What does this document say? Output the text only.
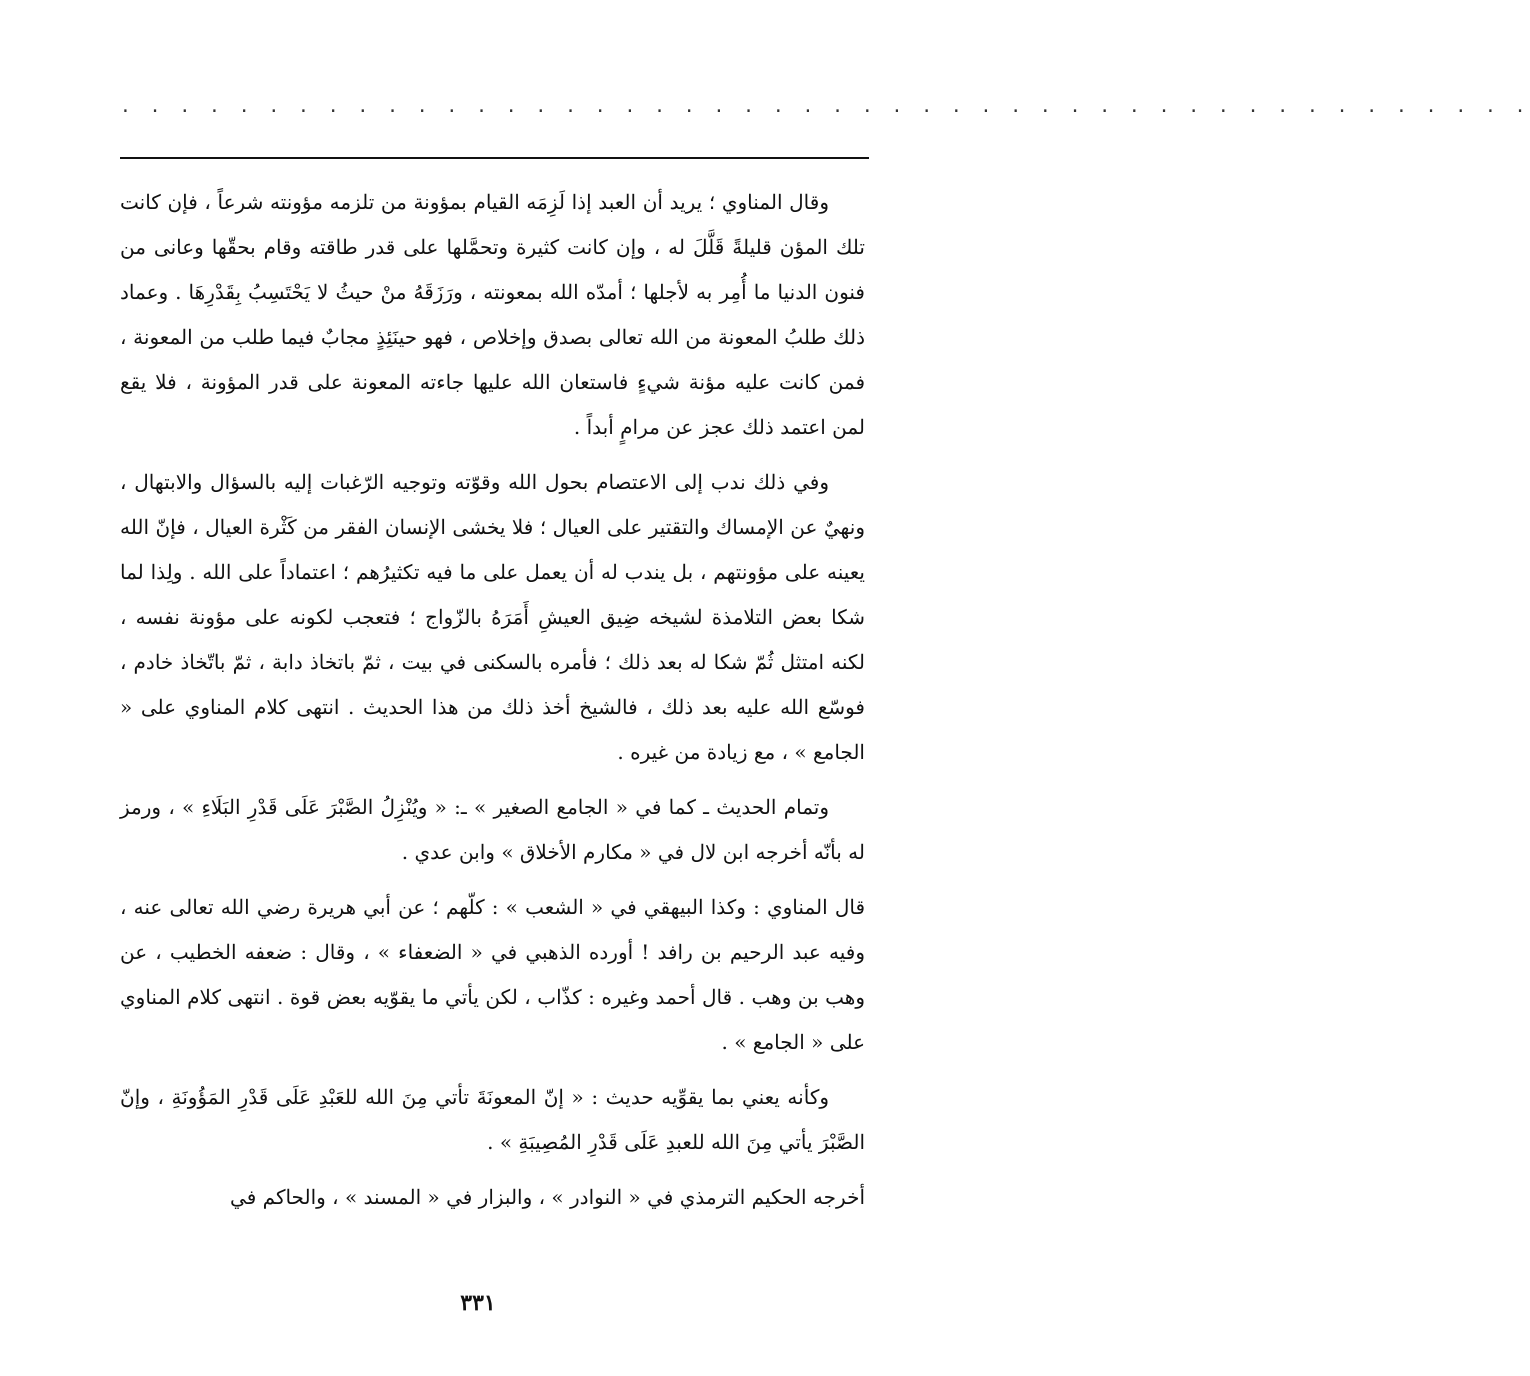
. . . . . . . . . . . . . . . . . . . . . . . . . . . . . . . . . . . . . . . . . . . . . . . .

وقال المناوي ؛ يريد أن العبد إذا لَزِمَه القيام بمؤونة من تلزمه مؤونته شرعاً ، فإن كانت تلك المؤن قليلةً قَلَّلَ له ، وإن كانت كثيرة وتحمَّلها على قدر طاقته وقام بحقّها وعانى من فنون الدنيا ما أُمِر به لأجلها ؛ أمدّه الله بمعونته ، ورَزَقَهُ منْ حيثُ لا يَحْتَسِبُ بِقَدْرِهَا . وعماد ذلك طلبُ المعونة من الله تعالى بصدق وإخلاص ، فهو حينَئِذٍ مجابٌ فيما طلب من المعونة ، فمن كانت عليه مؤنة شيءٍ فاستعان الله عليها جاءته المعونة على قدر المؤونة ، فلا يقع لمن اعتمد ذلك عجز عن مرامٍ أبداً .

وفي ذلك ندب إلى الاعتصام بحول الله وقوّته وتوجيه الرّغبات إليه بالسؤال والابتهال ، ونهيٌ عن الإمساك والتقتير على العيال ؛ فلا يخشى الإنسان الفقر من كَثْرة العيال ، فإنّ الله يعينه على مؤونتهم ، بل يندب له أن يعمل على ما فيه تكثيرُهم ؛ اعتماداً على الله . ولِذا لما شكا بعض التلامذة لشيخه ضِيق العيشِ أَمَرَهُ بالزّواج ؛ فتعجب لكونه على مؤونة نفسه ، لكنه امتثل ثُمّ شكا له بعد ذلك ؛ فأمره بالسكنى في بيت ، ثمّ باتخاذ دابة ، ثمّ باتّخاذ خادم ، فوسّع الله عليه بعد ذلك ، فالشيخ أخذ ذلك من هذا الحديث . انتهى كلام المناوي على « الجامع » ، مع زيادة من غيره .

وتمام الحديث ـ كما في « الجامع الصغير » ـ: « ويُنْزِلُ الصَّبْرَ عَلَى قَدْرِ البَلَاءِ » ، ورمز له بأنّه أخرجه ابن لال في « مكارم الأخلاق » وابن عدي .

قال المناوي : وكذا البيهقي في « الشعب » : كلّهم ؛ عن أبي هريرة رضي الله تعالى عنه ، وفيه عبد الرحيم بن رافد ! أورده الذهبي في « الضعفاء » ، وقال : ضعفه الخطيب ، عن وهب بن وهب . قال أحمد وغيره : كذّاب ، لكن يأتي ما يقوّيه بعض قوة . انتهى كلام المناوي على « الجامع » .

وكأنه يعني بما يقوِّيه حديث : « إنّ المعونَةَ تأتي مِنَ الله للعَبْدِ عَلَى قَدْرِ المَؤُونَةِ ، وإنّ الصَّبْرَ يأتي مِنَ الله للعبدِ عَلَى قَدْرِ المُصِيبَةِ » .

أخرجه الحكيم الترمذي في « النوادر » ، والبزار في « المسند » ، والحاكم في

٣٣١
